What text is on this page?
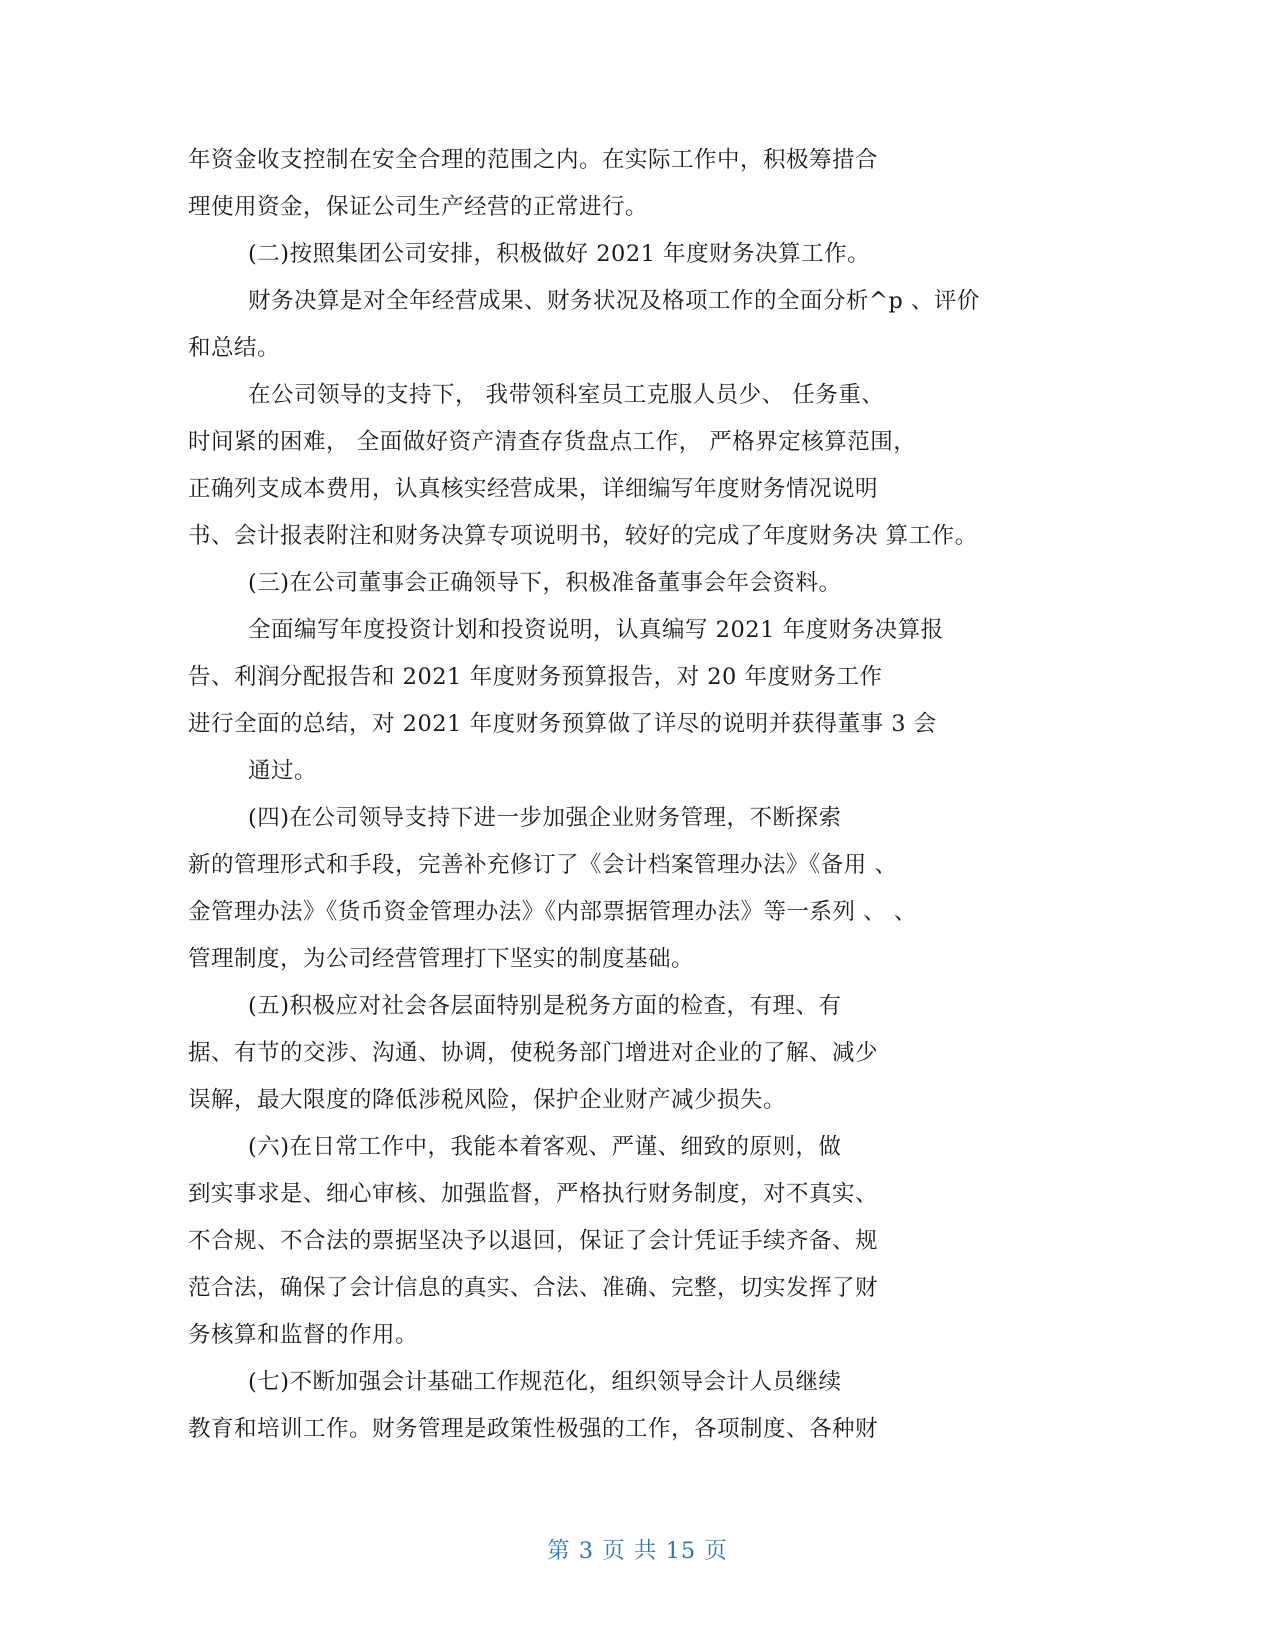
年资金收支控制在安全合理的范围之内。在实际工作中，积极筹措合
理使用资金，保证公司生产经营的正常进行。
(二)按照集团公司安排，积极做好 2021 年度财务决算工作。
财务决算是对全年经营成果、财务状况及格项工作的全面分析^p 、评价
和总结。
在公司领导的支持下， 我带领科室员工克服人员少、 任务重、
时间紧的困难， 全面做好资产清查存货盘点工作， 严格界定核算范围，
正确列支成本费用，认真核实经营成果，详细编写年度财务情况说明
书、会计报表附注和财务决算专项说明书，较好的完成了年度财务决 算工作。
(三)在公司董事会正确领导下，积极准备董事会年会资料。
全面编写年度投资计划和投资说明，认真编写 2021 年度财务决算报
告、利润分配报告和 2021 年度财务预算报告，对 20 年度财务工作
进行全面的总结，对 2021 年度财务预算做了详尽的说明并获得董事 3 会
通过。
(四)在公司领导支持下进一步加强企业财务管理，不断探索
新的管理形式和手段，完善补充修订了《会计档案管理办法》《备用 、
金管理办法》《货币资金管理办法》《内部票据管理办法》等一系列 、 、
管理制度，为公司经营管理打下坚实的制度基础。
(五)积极应对社会各层面特别是税务方面的检查，有理、有
据、有节的交涉、沟通、协调，使税务部门增进对企业的了解、减少
误解，最大限度的降低涉税风险，保护企业财产减少损失。
(六)在日常工作中，我能本着客观、严谨、细致的原则，做
到实事求是、细心审核、加强监督，严格执行财务制度，对不真实、
不合规、不合法的票据坚决予以退回，保证了会计凭证手续齐备、规
范合法，确保了会计信息的真实、合法、准确、完整，切实发挥了财
务核算和监督的作用。
(七)不断加强会计基础工作规范化，组织领导会计人员继续
教育和培训工作。财务管理是政策性极强的工作，各项制度、各种财
第 3 页 共 15 页
